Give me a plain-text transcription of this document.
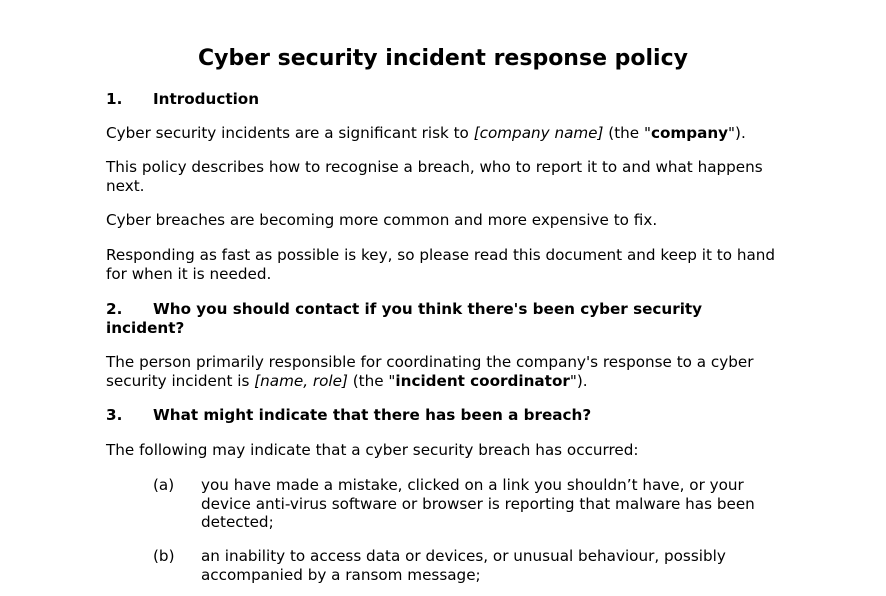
Cyber security incident response policy
1. Introduction
Cyber security incidents are a significant risk to [company name] (the "company").
This policy describes how to recognise a breach, who to report it to and what happens next.
Cyber breaches are becoming more common and more expensive to fix.
Responding as fast as possible is key, so please read this document and keep it to hand for when it is needed.
2. Who you should contact if you think there's been cyber security incident?
The person primarily responsible for coordinating the company's response to a cyber security incident is [name, role] (the "incident coordinator").
3. What might indicate that there has been a breach?
The following may indicate that a cyber security breach has occurred:
(a) you have made a mistake, clicked on a link you shouldn’t have, or your device anti-virus software or browser is reporting that malware has been detected;
(b) an inability to access data or devices, or unusual behaviour, possibly accompanied by a ransom message;
